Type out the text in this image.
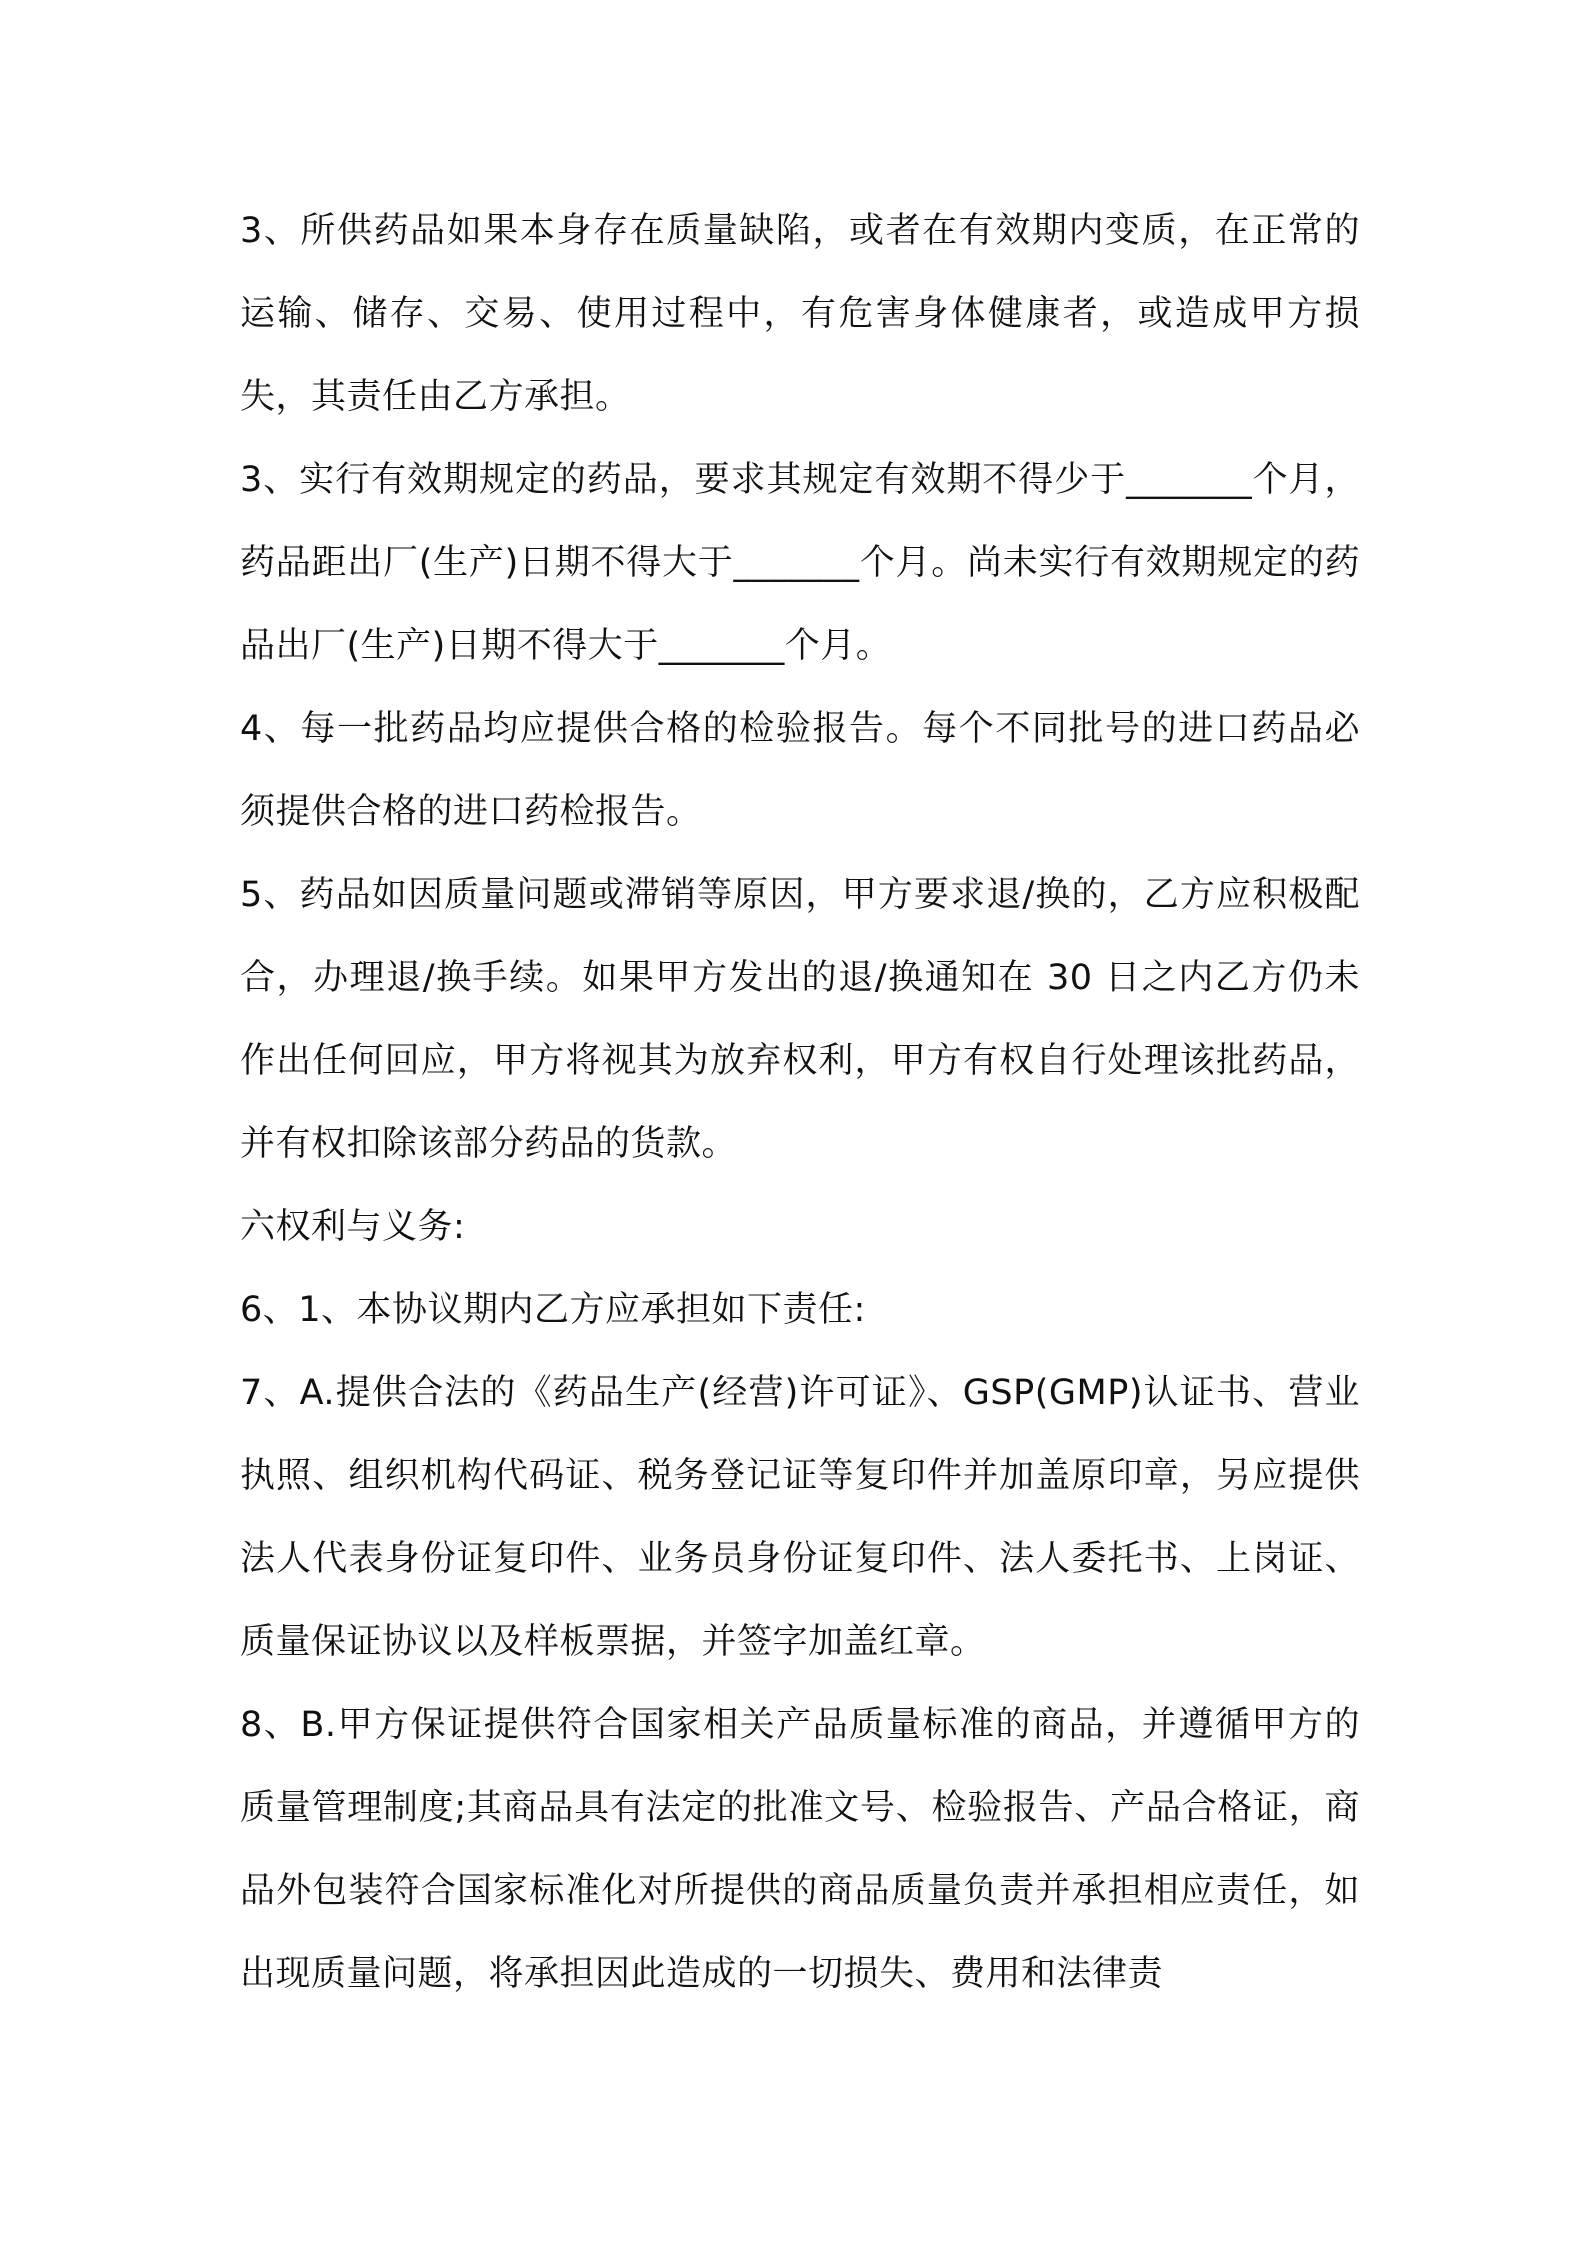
3、所供药品如果本身存在质量缺陷，或者在有效期内变质，在正常的运输、储存、交易、使用过程中，有危害身体健康者，或造成甲方损失，其责任由乙方承担。

3、实行有效期规定的药品，要求其规定有效期不得少于_______个月，药品距出厂(生产)日期不得大于_______个月。尚未实行有效期规定的药品出厂(生产)日期不得大于_______个月。

4、每一批药品均应提供合格的检验报告。每个不同批号的进口药品必须提供合格的进口药检报告。

5、药品如因质量问题或滞销等原因，甲方要求退/换的，乙方应积极配合，办理退/换手续。如果甲方发出的退/换通知在 30 日之内乙方仍未作出任何回应，甲方将视其为放弃权利，甲方有权自行处理该批药品，并有权扣除该部分药品的货款。

六权利与义务:

6、1、本协议期内乙方应承担如下责任:

7、A.提供合法的《药品生产(经营)许可证》、GSP(GMP)认证书、营业执照、组织机构代码证、税务登记证等复印件并加盖原印章，另应提供法人代表身份证复印件、业务员身份证复印件、法人委托书、上岗证、质量保证协议以及样板票据，并签字加盖红章。

8、B.甲方保证提供符合国家相关产品质量标准的商品，并遵循甲方的质量管理制度;其商品具有法定的批准文号、检验报告、产品合格证，商品外包装符合国家标准化对所提供的商品质量负责并承担相应责任，如出现质量问题，将承担因此造成的一切损失、费用和法律责
